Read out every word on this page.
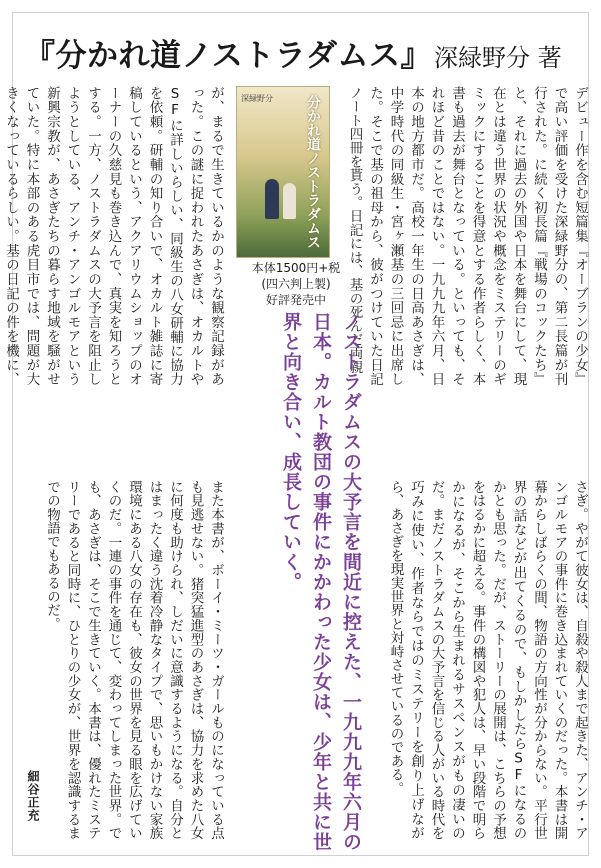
『分かれ道ノストラダムス』 深緑野分 著
デビュー作を含む短篇集『オーブランの少女』で高い評価を受けた深緑野分の、第二長篇が刊行された。に続く初長篇『戦場のコックたち』と、それに過去の外国や日本を舞台にして、現在とは違う世界の状況や概念をミステリーのギミックにすることを得意とする作者らしく、本書も過去が舞台となっている。といっても、それほど昔のことではない。一九九九年六月、日本の地方都市だ。高校一年生の日高あさぎは、中学時代の同級生・宮ヶ瀬基の三回忌に出席した。そこで基の祖母から、彼がつけていた日記ノート四冊を貰う。日記には、基の死んだ両親
が、まるで生きているかのような観察記録があった。この謎に捉われたあさぎは、オカルトやSFに詳しいらしい、同級生の八女研輔に協力を依頼。研輔の知り合いで、オカルト雑誌に寄稿しているという、アクアリウムショップのオーナーの久慈見も巻き込んで、真実を知ろうとする。一方、ノストラダムスの大予言を阻止しようとしている、アンチ・アンゴルモアという新興宗教が、あさぎたちの暮らす地域を騒がせていた。特に本部のある虎目市では、問題が大きくなっているらしい。基の日記の件を機に、
深緑野分 分かれ道ノストラダムス
本体1500円+税
(四六判上製)
好評発売中
ノストラダムスの大予言を間近に控えた、一九九九年六月の日本。カルト教団の事件にかかわった少女は、少年と共に世界と向き合い、成長していく。
さぎ。やがて彼女は、自殺や殺人まで起きた、アンチ・アンゴルモアの事件に巻き込まれていくのだった。本書は開幕からしばらくの間、物語の方向性が分からない。平行世界の話などが出てくるので、もしかしたらSFになるのかとも思った。だが、ストーリーの展開は、こちらの予想をはるかに超える。事件の構図や犯人は、早い段階で明らかになるが、そこから生まれるサスペンスがもの凄いのだ。まだノストラダムスの大予言を信じる人がいる時代を巧みに使い、作者ならではのミステリーを創り上げながら、あさぎを現実世界と対峙させているのである。
また本書が、ボーイ・ミーツ・ガールものになっている点も見逃せない。猪突猛進型のあさぎは、協力を求めた八女に何度も助けられ、しだいに意識するようになる。自分とはまったく違う沈着冷静なタイプで、思いもかけない家族環境にある八女の存在も、彼女の世界を見る眼を広げていくのだ。一連の事件を通じて、変わってしまった世界。でも、あさぎは、そこで生きていく。本書は、優れたミステリーであると同時に、ひとりの少女が、世界を認識するまでの物語でもあるのだ。
細谷正充
